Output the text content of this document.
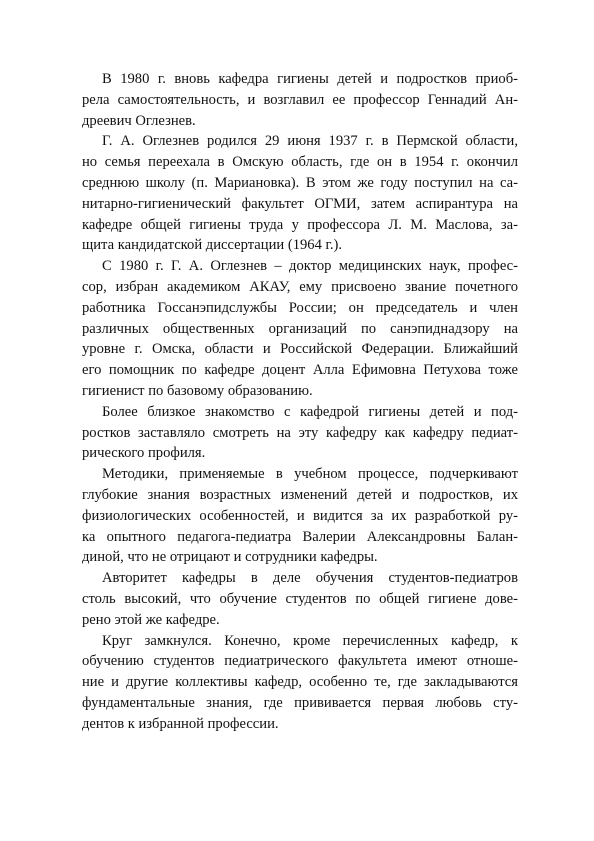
В 1980 г. вновь кафедра гигиены детей и подростков приоб-
рела самостоятельность, и возглавил ее профессор Геннадий Ан-
дреевич Оглезнев.
Г. А. Оглезнев родился 29 июня 1937 г. в Пермской области,
но семья переехала в Омскую область, где он в 1954 г. окончил
среднюю школу (п. Мариановка). В этом же году поступил на са-
нитарно-гигиенический факультет ОГМИ, затем аспирантура на
кафедре общей гигиены труда у профессора Л. М. Маслова, за-
щита кандидатской диссертации (1964 г.).
С 1980 г. Г. А. Оглезнев – доктор медицинских наук, профес-
сор, избран академиком АКАУ, ему присвоено звание почетного
работника Госсанэпидслужбы России; он председатель и член
различных общественных организаций по санэпиднадзору на
уровне г. Омска, области и Российской Федерации. Ближайший
его помощник по кафедре доцент Алла Ефимовна Петухова тоже
гигиенист по базовому образованию.
Более близкое знакомство с кафедрой гигиены детей и под-
ростков заставляло смотреть на эту кафедру как кафедру педиат-
рического профиля.
Методики, применяемые в учебном процессе, подчеркивают
глубокие знания возрастных изменений детей и подростков, их
физиологических особенностей, и видится за их разработкой ру-
ка опытного педагога-педиатра Валерии Александровны Балан-
диной, что не отрицают и сотрудники кафедры.
Авторитет кафедры в деле обучения студентов-педиатров
столь высокий, что обучение студентов по общей гигиене дове-
рено этой же кафедре.
Круг замкнулся. Конечно, кроме перечисленных кафедр, к
обучению студентов педиатрического факультета имеют отноше-
ние и другие коллективы кафедр, особенно те, где закладываются
фундаментальные знания, где прививается первая любовь сту-
дентов к избранной профессии.
